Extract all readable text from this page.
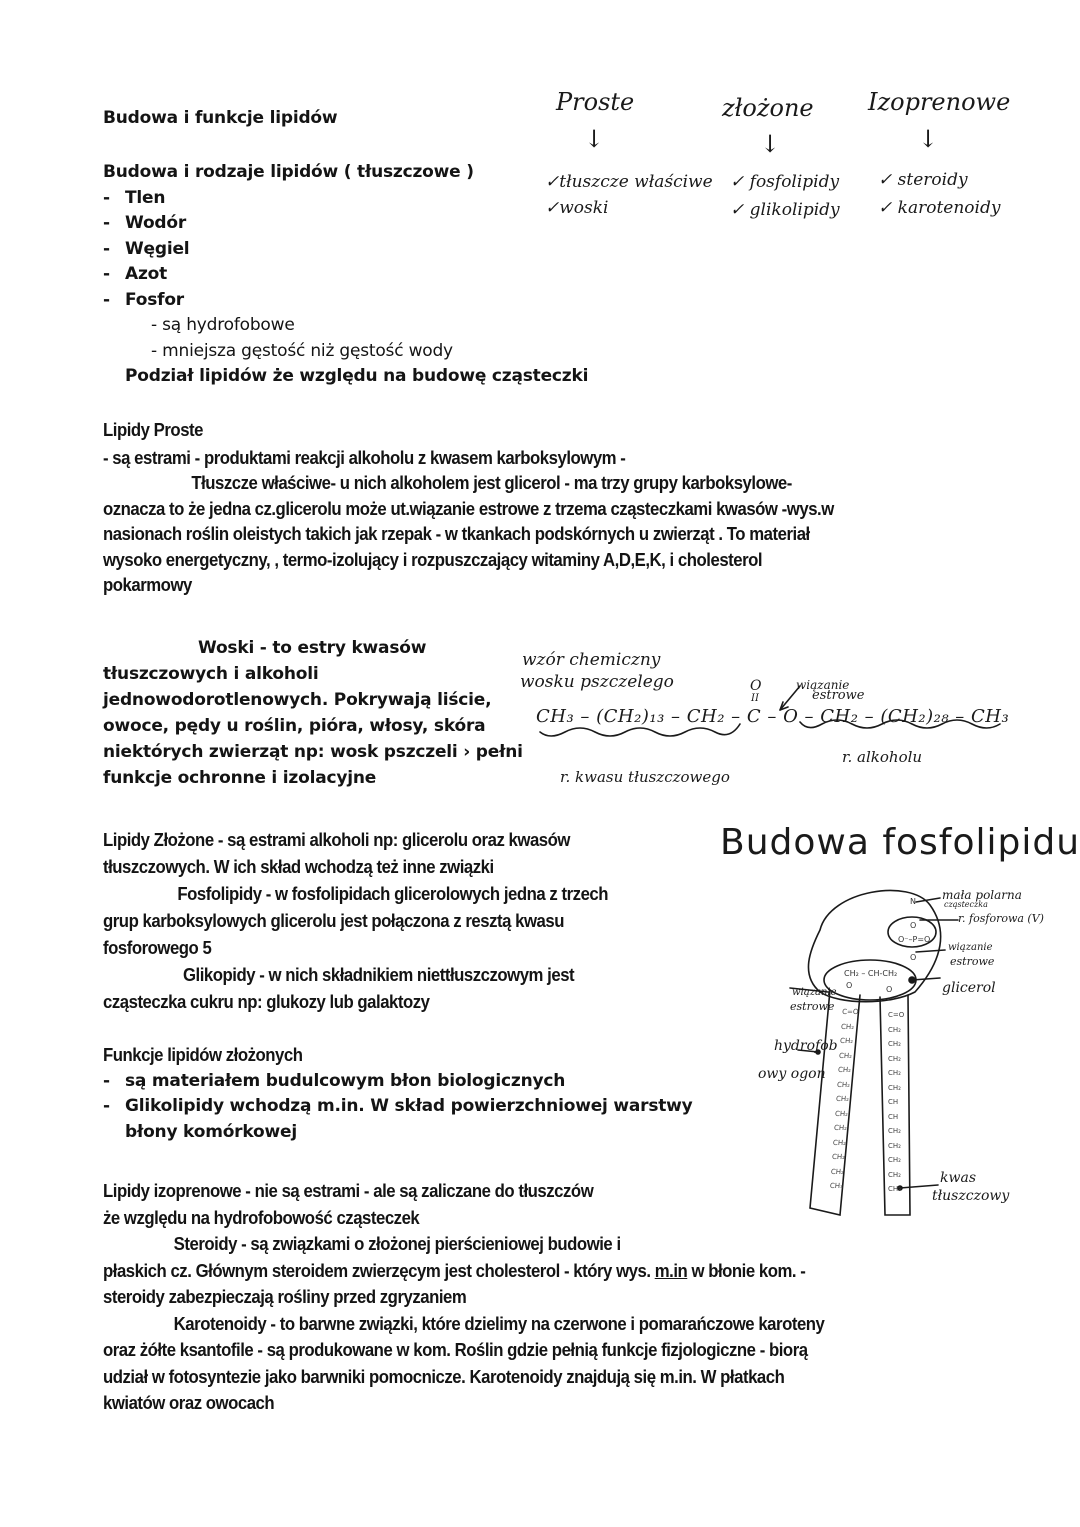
Budowa i funkcje lipidów
Budowa i rodzaje lipidów ( tłuszczowe )
- Tlen
- Wodór
- Węgiel
- Azot
- Fosfor
- są hydrofobowe
- mniejsza gęstość niż gęstość wody
Podział lipidów że względu na budowę cząsteczki
Proste
↓
✓tłuszcze właściwe
✓woski
złożone
↓
✓ fosfolipidy
✓ glikolipidy
Izoprenowe
↓
✓ steroidy
✓ karotenoidy
Lipidy Proste
- są estrami - produktami reakcji alkoholu z kwasem karboksylowym -
Tłuszcze właściwe- u nich alkoholem jest glicerol - ma trzy grupy karboksylowe-
oznacza to że jedna cz.glicerolu może ut.wiązanie estrowe z trzema cząsteczkami kwasów -wys.w
nasionach roślin oleistych takich jak rzepak - w tkankach podskórnych u zwierząt . To materiał
wysoko energetyczny, , termo-izolujący i rozpuszczający witaminy A,D,E,K, i cholesterol
pokarmowy
Woski - to estry kwasów
tłuszczowych i alkoholi
jednowodorotlenowych. Pokrywają liście,
owoce, pędy u roślin, pióra, włosy, skóra
niektórych zwierząt np: wosk pszczeli › pełni
funkcje ochronne i izolacyjne
wzór chemiczny
wosku pszczelego	O
II
wiązanie
estrowe
CH₃ – (CH₂)₁₃ – CH₂ – C – O – CH₂ – (CH₂)₂₈ – CH₃
r. kwasu tłuszczowego
r. alkoholu
Lipidy Złożone - są estrami alkoholi np: glicerolu oraz kwasów
tłuszczowych. W ich skład wchodzą też inne związki
Fosfolipidy - w fosfolipidach glicerolowych jedna z trzech
grup karboksylowych glicerolu jest połączona z resztą kwasu
fosforowego 5
Glikopidy - w nich składnikiem niettłuszczowym jest
cząsteczka cukru np: glukozy lub galaktozy
Budowa fosfolipidu
N
O
O⁻–P=O
O
CH₂ – CH-CH₂
O	O
C=O
CH₂
CH₂
CH₂
CH₂
CH₂
CH₂
CH₂
CH₂
CH₂
CH₂
CH₂
CH₃
C=O
CH₂
CH₂
CH₂
CH₂
CH₂
CH
CH
CH₂
CH₂
CH₂
CH₂
CH₃
mała polarna
cząsteczka
r. fosforowa (V)
wiązanie
estrowe
glicerol
wiązanie
estrowe
hydrofob
owy ogon
kwas
tłuszczowy
Funkcje lipidów złożonych
- są materiałem budulcowym błon biologicznych
- Glikolipidy wchodzą m.in. W skład powierzchniowej warstwy
błony komórkowej
Lipidy izoprenowe - nie są estrami - ale są zaliczane do tłuszczów
że względu na hydrofobowość cząsteczek
Steroidy - są związkami o złożonej pierścieniowej budowie i
płaskich cz. Głównym steroidem zwierzęcym jest cholesterol - który wys. m.in w błonie kom. -
steroidy zabezpieczają rośliny przed zgryzaniem
Karotenoidy - to barwne związki, które dzielimy na czerwone i pomarańczowe karoteny
oraz żółte ksantofile - są produkowane w kom. Roślin gdzie pełnią funkcje fizjologiczne - biorą
udział w fotosyntezie jako barwniki pomocnicze. Karotenoidy znajdują się m.in. W płatkach
kwiatów oraz owocach
